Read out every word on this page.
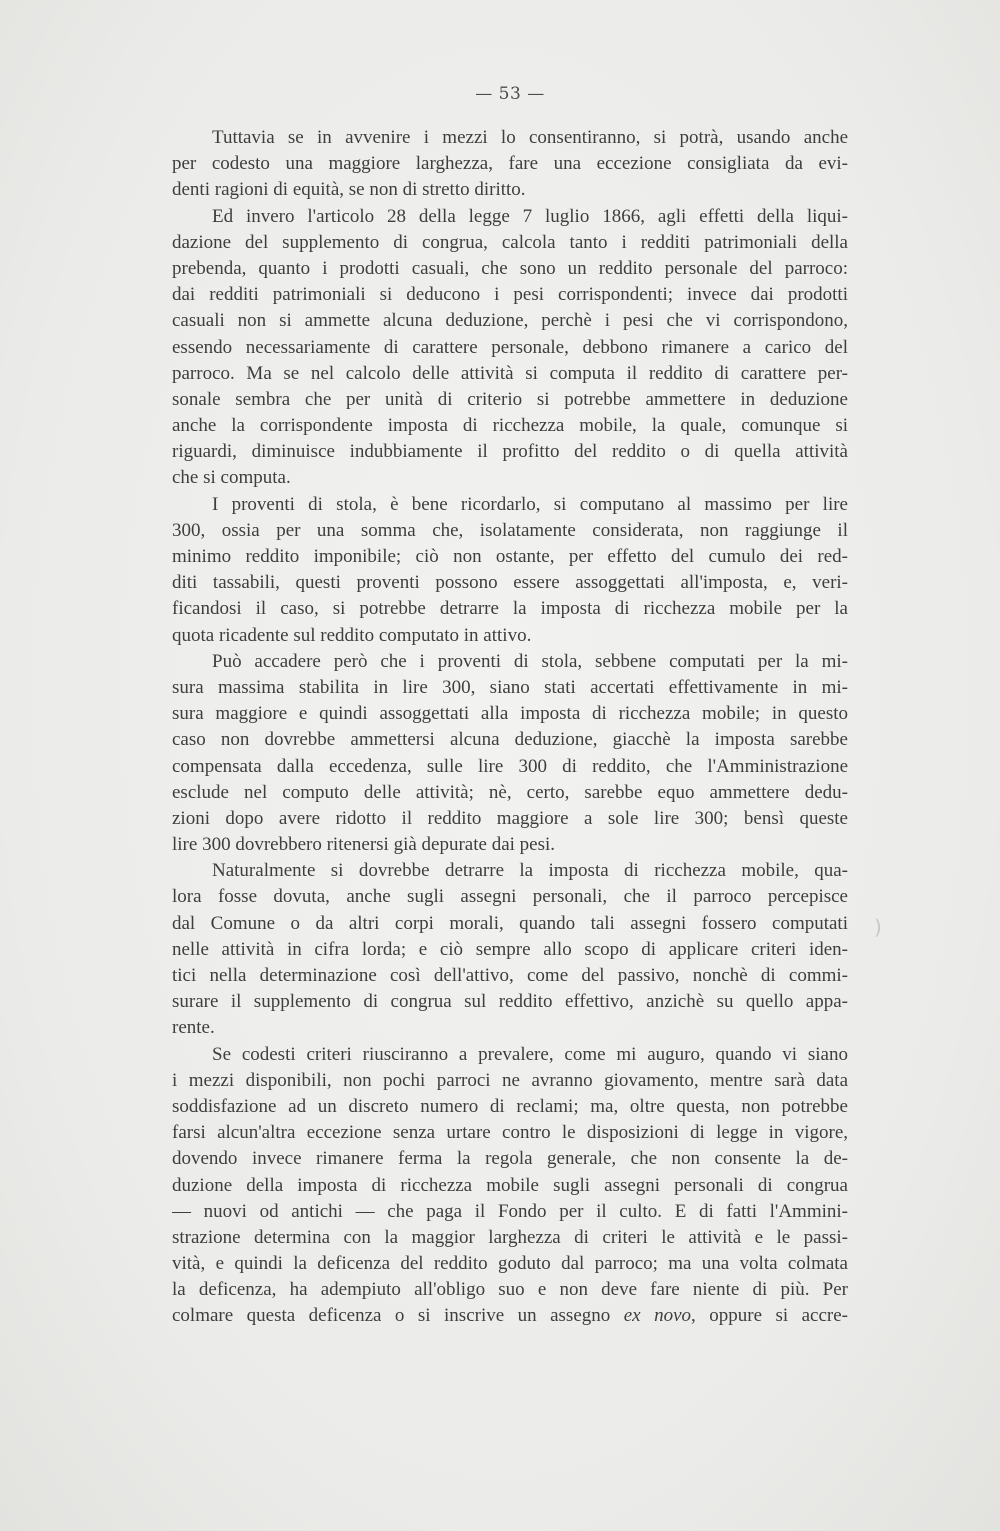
— 53 —
Tuttavia se in avvenire i mezzi lo consentiranno, si potrà, usando anche
per codesto una maggiore larghezza, fare una eccezione consigliata da evi-
denti ragioni di equità, se non di stretto diritto.
Ed invero l'articolo 28 della legge 7 luglio 1866, agli effetti della liqui-
dazione del supplemento di congrua, calcola tanto i redditi patrimoniali della
prebenda, quanto i prodotti casuali, che sono un reddito personale del parroco:
dai redditi patrimoniali si deducono i pesi corrispondenti; invece dai prodotti
casuali non si ammette alcuna deduzione, perchè i pesi che vi corrispondono,
essendo necessariamente di carattere personale, debbono rimanere a carico del
parroco. Ma se nel calcolo delle attività si computa il reddito di carattere per-
sonale sembra che per unità di criterio si potrebbe ammettere in deduzione
anche la corrispondente imposta di ricchezza mobile, la quale, comunque si
riguardi, diminuisce indubbiamente il profitto del reddito o di quella attività
che si computa.
I proventi di stola, è bene ricordarlo, si computano al massimo per lire
300, ossia per una somma che, isolatamente considerata, non raggiunge il
minimo reddito imponibile; ciò non ostante, per effetto del cumulo dei red-
diti tassabili, questi proventi possono essere assoggettati all'imposta, e, veri-
ficandosi il caso, si potrebbe detrarre la imposta di ricchezza mobile per la
quota ricadente sul reddito computato in attivo.
Può accadere però che i proventi di stola, sebbene computati per la mi-
sura massima stabilita in lire 300, siano stati accertati effettivamente in mi-
sura maggiore e quindi assoggettati alla imposta di ricchezza mobile; in questo
caso non dovrebbe ammettersi alcuna deduzione, giacchè la imposta sarebbe
compensata dalla eccedenza, sulle lire 300 di reddito, che l'Amministrazione
esclude nel computo delle attività; nè, certo, sarebbe equo ammettere dedu-
zioni dopo avere ridotto il reddito maggiore a sole lire 300; bensì queste
lire 300 dovrebbero ritenersi già depurate dai pesi.
Naturalmente si dovrebbe detrarre la imposta di ricchezza mobile, qua-
lora fosse dovuta, anche sugli assegni personali, che il parroco percepisce
dal Comune o da altri corpi morali, quando tali assegni fossero computati
nelle attività in cifra lorda; e ciò sempre allo scopo di applicare criteri iden-
tici nella determinazione così dell'attivo, come del passivo, nonchè di commi-
surare il supplemento di congrua sul reddito effettivo, anzichè su quello appa-
rente.
Se codesti criteri riusciranno a prevalere, come mi auguro, quando vi siano
i mezzi disponibili, non pochi parroci ne avranno giovamento, mentre sarà data
soddisfazione ad un discreto numero di reclami; ma, oltre questa, non potrebbe
farsi alcun'altra eccezione senza urtare contro le disposizioni di legge in vigore,
dovendo invece rimanere ferma la regola generale, che non consente la de-
duzione della imposta di ricchezza mobile sugli assegni personali di congrua
— nuovi od antichi — che paga il Fondo per il culto. E di fatti l'Ammini-
strazione determina con la maggior larghezza di criteri le attività e le passi-
vità, e quindi la deficenza del reddito goduto dal parroco; ma una volta colmata
la deficenza, ha adempiuto all'obligo suo e non deve fare niente di più. Per
colmare questa deficenza o si inscrive un assegno ex novo, oppure si accre-
)
